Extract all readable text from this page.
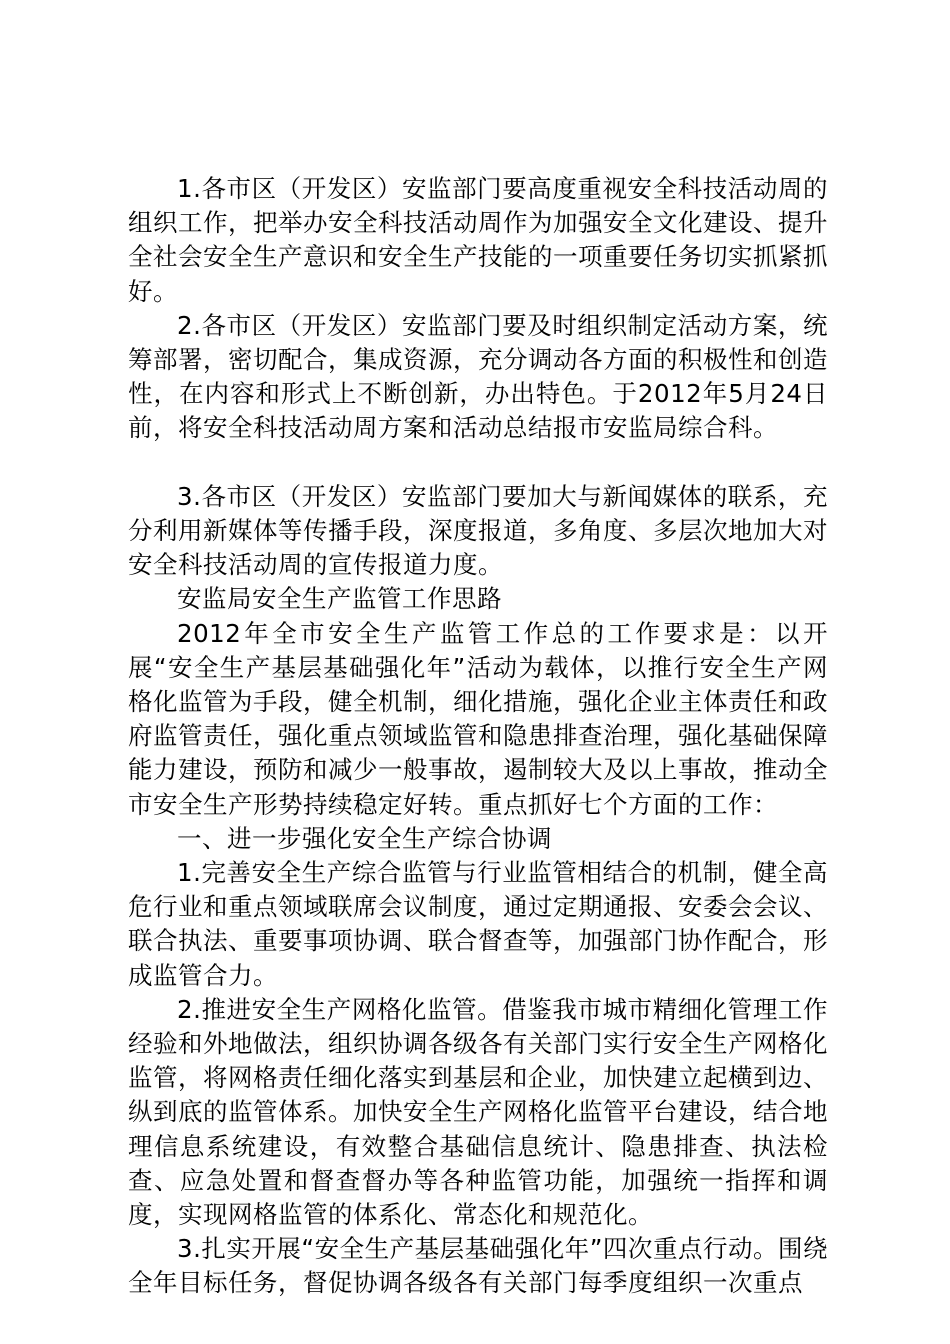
1.各市区（开发区）安监部门要高度重视安全科技活动周的组织工作，把举办安全科技活动周作为加强安全文化建设、提升全社会安全生产意识和安全生产技能的一项重要任务切实抓紧抓好。

2.各市区（开发区）安监部门要及时组织制定活动方案，统筹部署，密切配合，集成资源，充分调动各方面的积极性和创造性，在内容和形式上不断创新，办出特色。于2012年5月24日前，将安全科技活动周方案和活动总结报市安监局综合科。

3.各市区（开发区）安监部门要加大与新闻媒体的联系，充分利用新媒体等传播手段，深度报道，多角度、多层次地加大对安全科技活动周的宣传报道力度。

安监局安全生产监管工作思路

2012年全市安全生产监管工作总的工作要求是：以开展“安全生产基层基础强化年”活动为载体，以推行安全生产网格化监管为手段，健全机制，细化措施，强化企业主体责任和政府监管责任，强化重点领域监管和隐患排查治理，强化基础保障能力建设，预防和减少一般事故，遏制较大及以上事故，推动全市安全生产形势持续稳定好转。重点抓好七个方面的工作：

一、进一步强化安全生产综合协调

1.完善安全生产综合监管与行业监管相结合的机制，健全高危行业和重点领域联席会议制度，通过定期通报、安委会会议、联合执法、重要事项协调、联合督查等，加强部门协作配合，形成监管合力。

2.推进安全生产网格化监管。借鉴我市城市精细化管理工作经验和外地做法，组织协调各级各有关部门实行安全生产网格化监管，将网格责任细化落实到基层和企业，加快建立起横到边、纵到底的监管体系。加快安全生产网格化监管平台建设，结合地理信息系统建设，有效整合基础信息统计、隐患排查、执法检查、应急处置和督查督办等各种监管功能，加强统一指挥和调度，实现网格监管的体系化、常态化和规范化。

3.扎实开展“安全生产基层基础强化年”四次重点行动。围绕全年目标任务，督促协调各级各有关部门每季度组织一次重点
